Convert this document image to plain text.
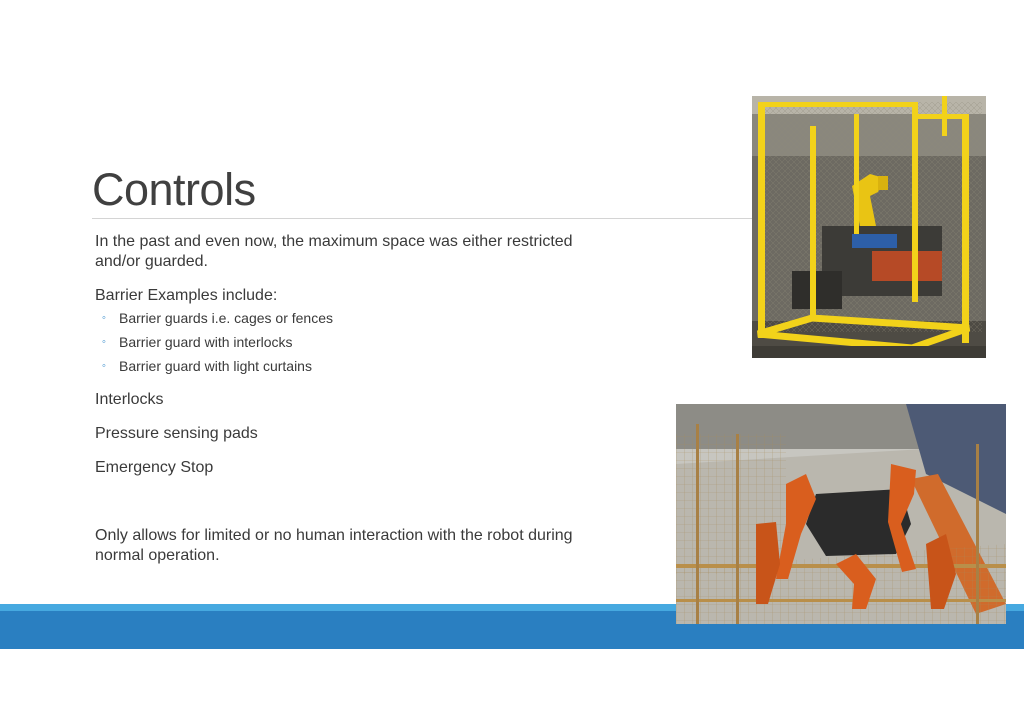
Controls

In the past and even now, the maximum space was either restricted

and/or guarded.

Barrier Examples include:

◦ Barrier guards i.e. cages or fences
◦ Barrier guard with interlocks
◦ Barrier guard with light curtains

Interlocks

Pressure sensing pads

Emergency Stop

Only allows for limited or no human interaction with the robot during

normal operation.
